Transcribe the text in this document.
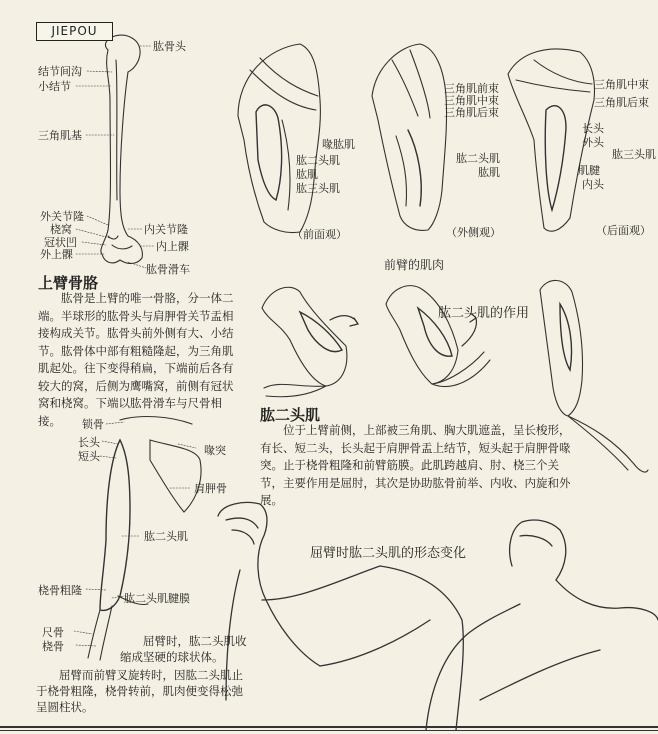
JIEPOU
肱骨头
结节间沟
小结节
三角肌基
外关节隆
桡窝
冠状凹
外上髁
内关节隆
内上髁
肱骨滑车
上臂骨胳
肱骨是上臂的唯一骨胳，分一体二端。半球形的肱骨头与肩胛骨关节盂相接构成关节。肱骨头前外侧有大、小结节。肱骨体中部有粗糙隆起，为三角肌肌起处。往下变得稍扁，下端前后各有较大的窝，后侧为鹰嘴窝，前侧有冠状窝和桡窝。下端以肱骨滑车与尺骨相接。
喙肱肌
肱二头肌
肱肌
肱三头肌
三角肌前束
三角肌中束
三角肌后束
肱二头肌
肱肌
三角肌中束
三角肌后束
长头
外头
肱三头肌
肌腱
内头
（前面观）	（外侧观）	（后面观）
前臂的肌肉
肱二头肌的作用
肱二头肌
位于上臂前侧，上部被三角肌、胸大肌遮盖，呈长梭形，有长、短二头，长头起于肩胛骨盂上结节，短头起于肩胛骨喙突。止于桡骨粗隆和前臂筋膜。此肌跨越肩、肘、桡三个关节，主要作用是屈肘，其次是协助肱骨前举、内收、内旋和外展。
锁骨
长头
短头	喙突
肩胛骨
肱二头肌
桡骨粗隆
肱二头肌腱膜
尺骨
桡骨
屈臂时肱二头肌的形态变化
屈臂时，肱二头肌收缩成坚硬的球状体。
屈臂而前臂叉旋转时，因肱二头肌止于桡骨粗隆，桡骨转前，肌肉便变得松弛呈圆柱状。
